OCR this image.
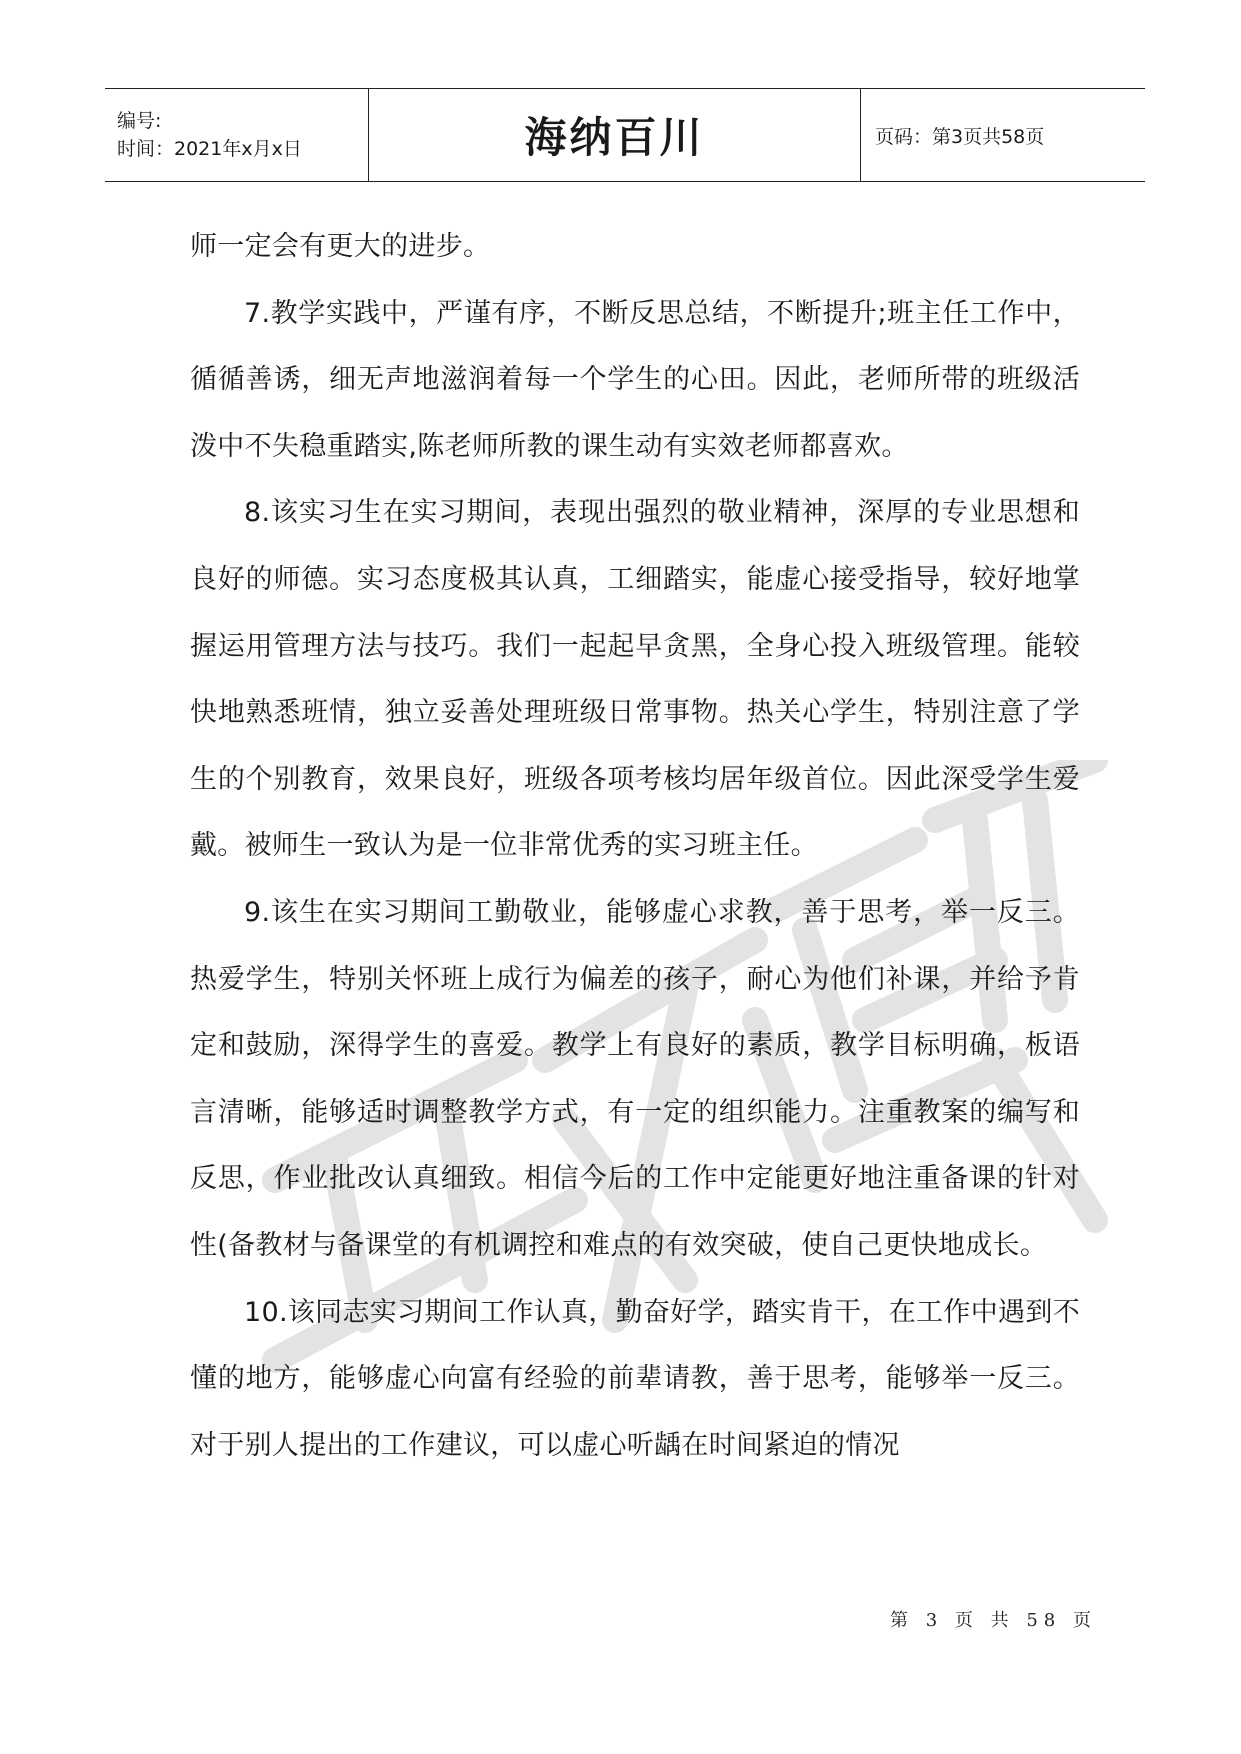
编号:
时间：2021年x月x日	海纳百川	页码：第3页共58页

师一定会有更大的进步。

7.教学实践中，严谨有序，不断反思总结，不断提升;班主任工作中，循循善诱，细无声地滋润着每一个学生的心田。因此，老师所带的班级活泼中不失稳重踏实,陈老师所教的课生动有实效老师都喜欢。

8.该实习生在实习期间，表现出强烈的敬业精神，深厚的专业思想和良好的师德。实习态度极其认真，工细踏实，能虚心接受指导，较好地掌握运用管理方法与技巧。我们一起起早贪黑，全身心投入班级管理。能较快地熟悉班情，独立妥善处理班级日常事物。热关心学生，特别注意了学生的个别教育，效果良好，班级各项考核均居年级首位。因此深受学生爱戴。被师生一致认为是一位非常优秀的实习班主任。

9.该生在实习期间工勤敬业，能够虚心求教，善于思考，举一反三。热爱学生，特别关怀班上成行为偏差的孩子，耐心为他们补课，并给予肯定和鼓励，深得学生的喜爱。教学上有良好的素质，教学目标明确，板语言清晰，能够适时调整教学方式，有一定的组织能力。注重教案的编写和反思，作业批改认真细致。相信今后的工作中定能更好地注重备课的针对性(备教材与备课堂的有机调控和难点的有效突破，使自己更快地成长。

10.该同志实习期间工作认真，勤奋好学，踏实肯干，在工作中遇到不懂的地方，能够虚心向富有经验的前辈请教，善于思考，能够举一反三。对于别人提出的工作建议，可以虚心听龋在时间紧迫的情况

第 3 页 共 58 页
